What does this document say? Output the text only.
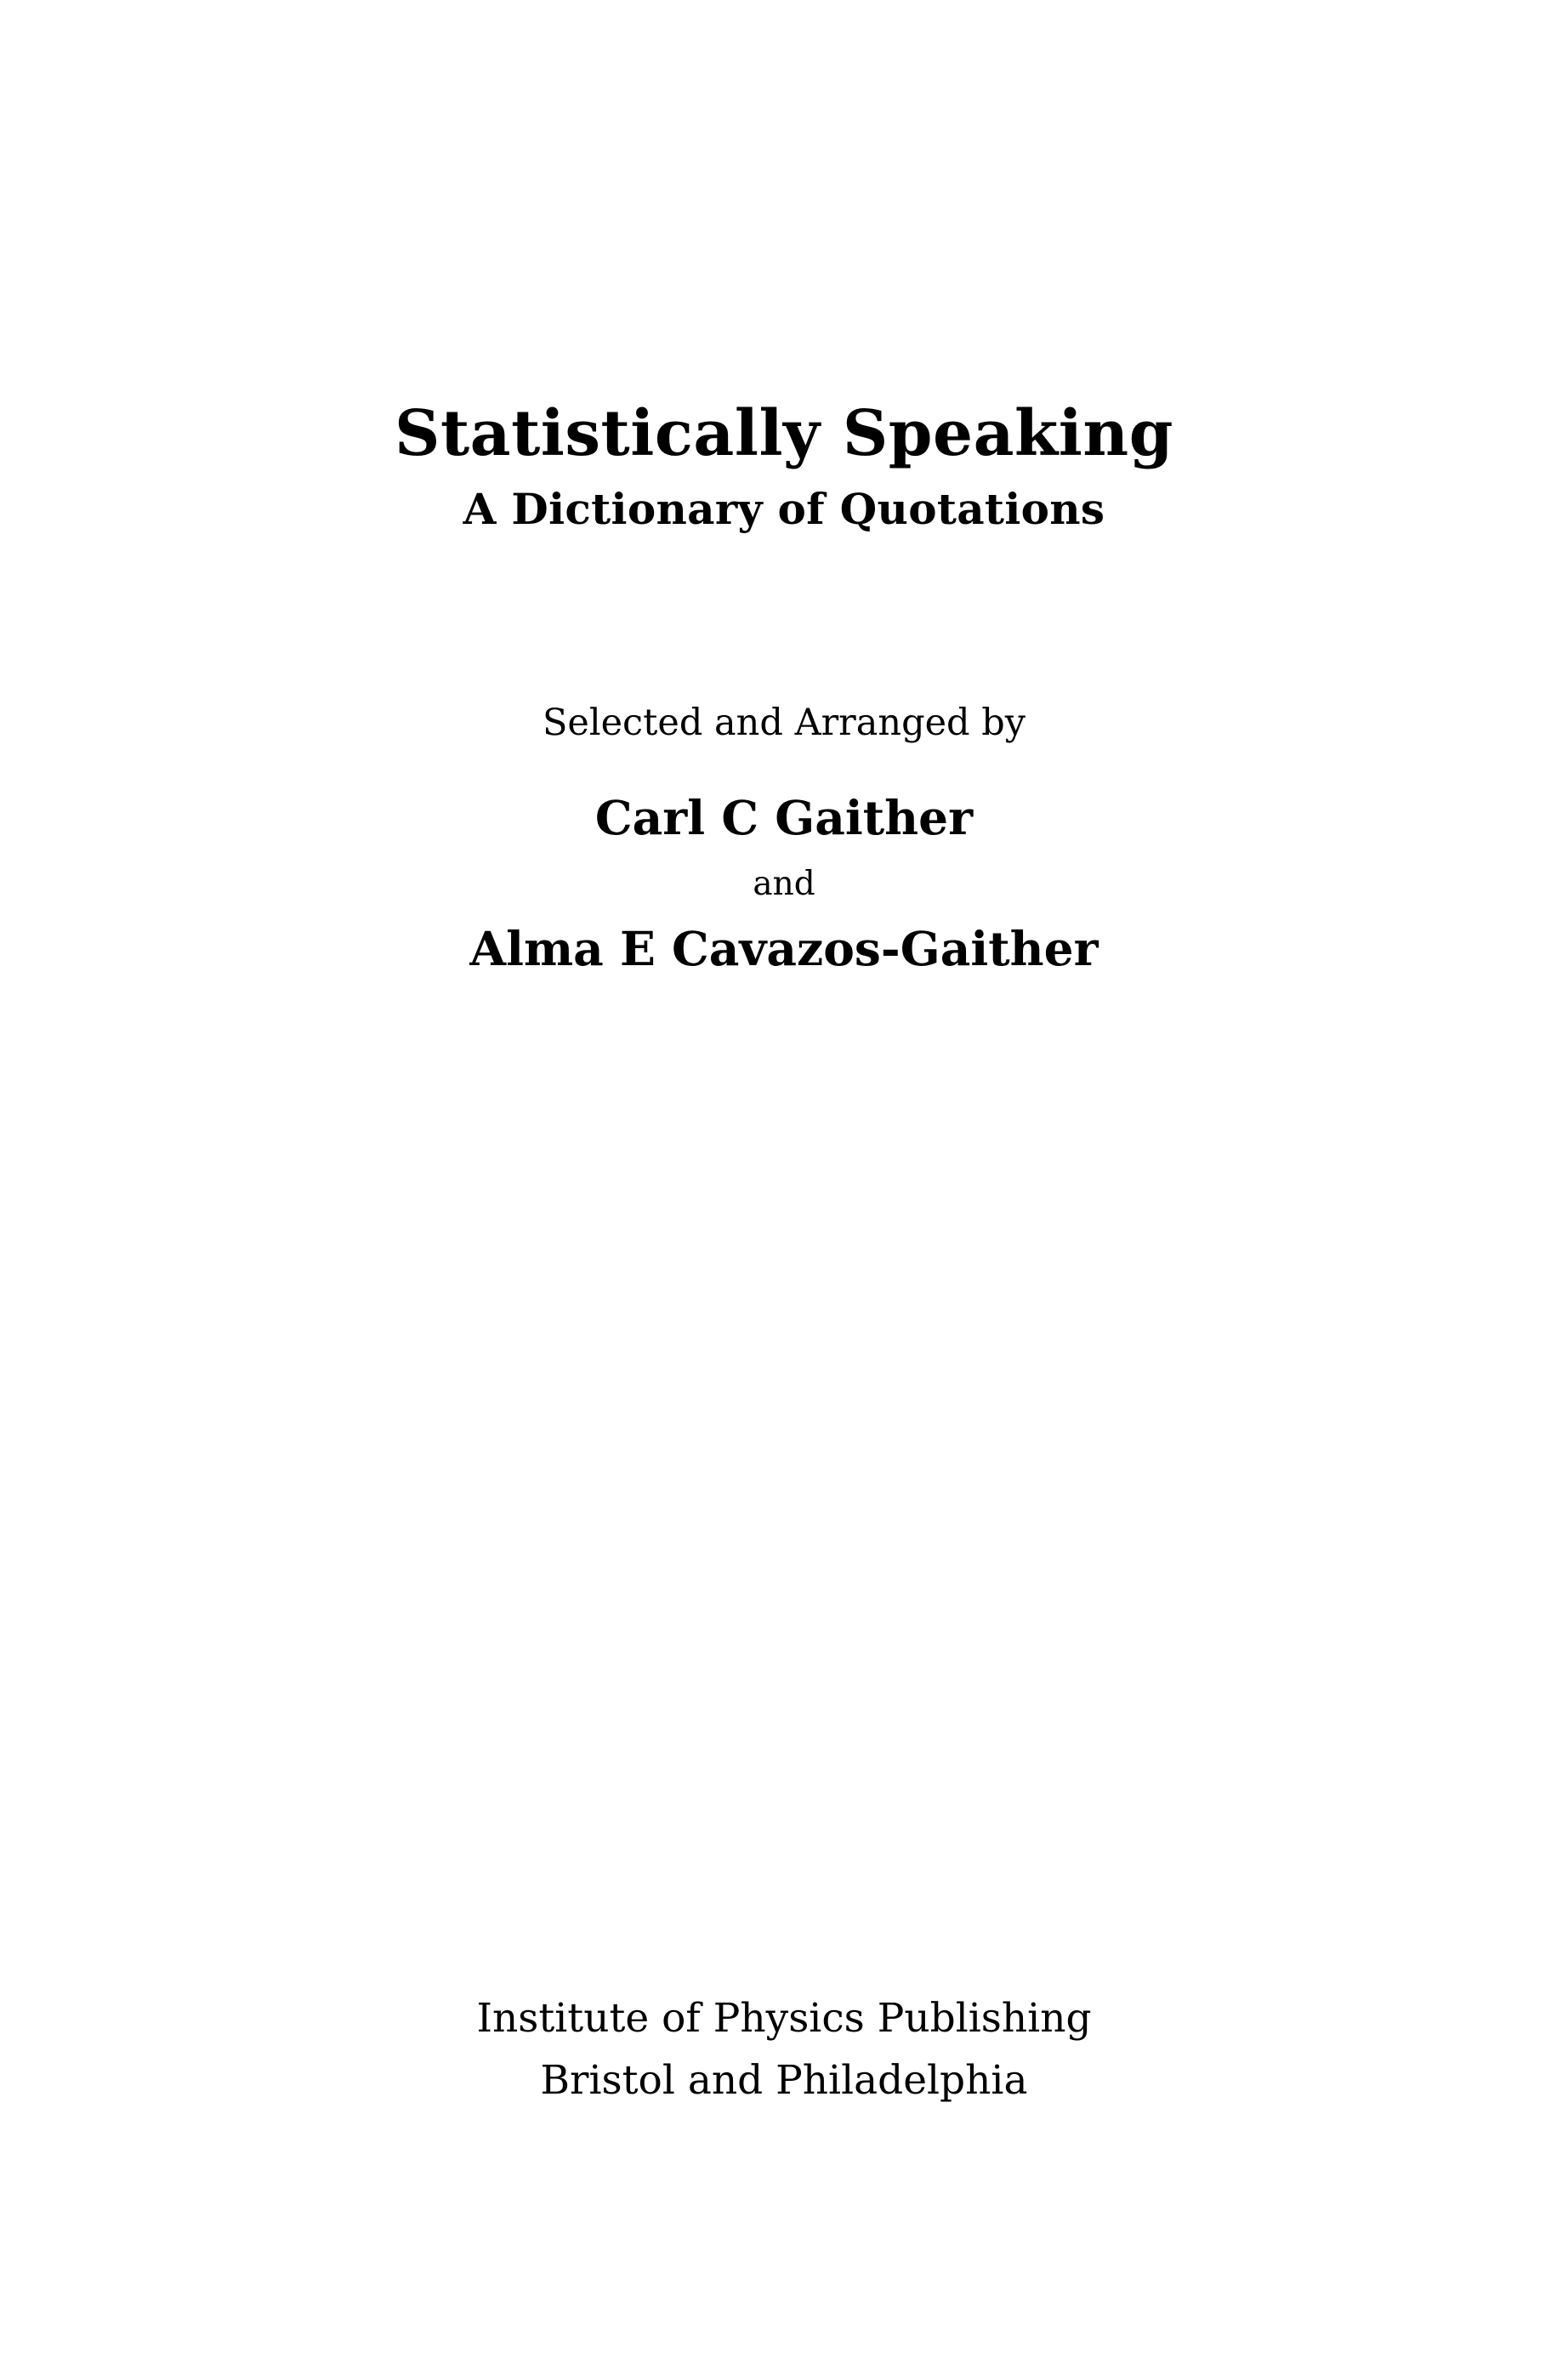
Statistically Speaking
A Dictionary of Quotations

Selected and Arranged by

Carl C Gaither

and

Alma E Cavazos-Gaither

Institute of Physics Publishing

Bristol and Philadelphia
